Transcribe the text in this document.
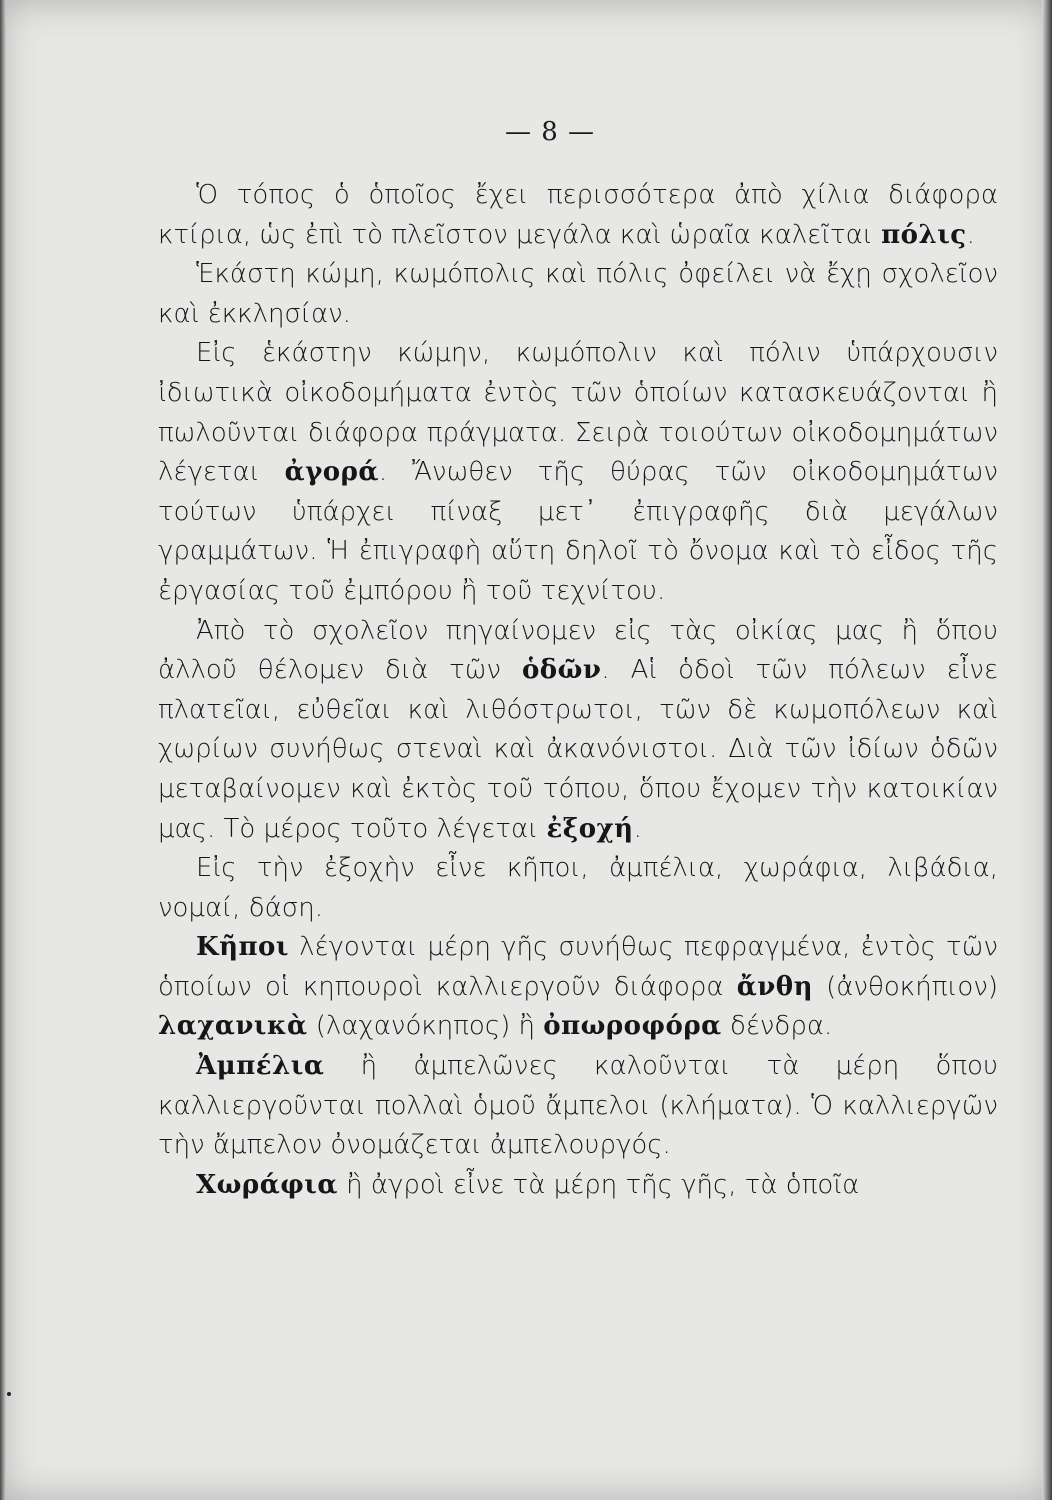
— 8 —

Ὁ τόπος ὁ ὁποῖος ἔχει περισσότερα ἀπὸ χίλια διάφορα κτίρια, ὡς ἐπὶ τὸ πλεῖστον μεγάλα καὶ ὡραῖα καλεῖται πόλις.

Ἑκάστη κώμη, κωμόπολις καὶ πόλις ὀφείλει νὰ ἔχῃ σχολεῖον καὶ ἐκκλησίαν.

Εἰς ἑκάστην κώμην, κωμόπολιν καὶ πόλιν ὑπάρχουσιν ἰδιωτικὰ οἰκοδομήματα ἐντὸς τῶν ὁποίων κατασκευάζονται ἢ πωλοῦνται διάφορα πράγματα. Σειρὰ τοιούτων οἰκοδομημάτων λέγεται ἀγορά. Ἄνωθεν τῆς θύρας τῶν οἰκοδομημάτων τούτων ὑπάρχει πίναξ μετ᾽ ἐπιγραφῆς διὰ μεγάλων γραμμάτων. Ἡ ἐπιγραφὴ αὕτη δηλοῖ τὸ ὄνομα καὶ τὸ εἶδος τῆς ἐργασίας τοῦ ἐμπόρου ἢ τοῦ τεχνίτου.

Ἀπὸ τὸ σχολεῖον πηγαίνομεν εἰς τὰς οἰκίας μας ἢ ὅπου ἀλλοῦ θέλομεν διὰ τῶν ὁδῶν. Αἱ ὁδοὶ τῶν πόλεων εἶνε πλατεῖαι, εὐθεῖαι καὶ λιθόστρωτοι, τῶν δὲ κωμοπόλεων καὶ χωρίων συνήθως στεναὶ καὶ ἀκανόνιστοι. Διὰ τῶν ἰδίων ὁδῶν μεταβαίνομεν καὶ ἐκτὸς τοῦ τόπου, ὅπου ἔχομεν τὴν κατοικίαν μας. Τὸ μέρος τοῦτο λέγεται ἐξοχή.

Εἰς τὴν ἐξοχὴν εἶνε κῆποι, ἀμπέλια, χωράφια, λιβάδια, νομαί, δάση.

Κῆποι λέγονται μέρη γῆς συνήθως πεφραγμένα, ἐντὸς τῶν ὁποίων οἱ κηπουροὶ καλλιεργοῦν διάφορα ἄνθη (ἀνθοκήπιον) λαχανικὰ (λαχανόκηπος) ἢ ὀπωροφόρα δένδρα.

Ἀμπέλια ἢ ἀμπελῶνες καλοῦνται τὰ μέρη ὅπου καλλιεργοῦνται πολλαὶ ὁμοῦ ἄμπελοι (κλήματα). Ὁ καλλιεργῶν τὴν ἄμπελον ὀνομάζεται ἀμπελουργός.

Χωράφια ἢ ἀγροὶ εἶνε τὰ μέρη τῆς γῆς, τὰ ὁποῖα
